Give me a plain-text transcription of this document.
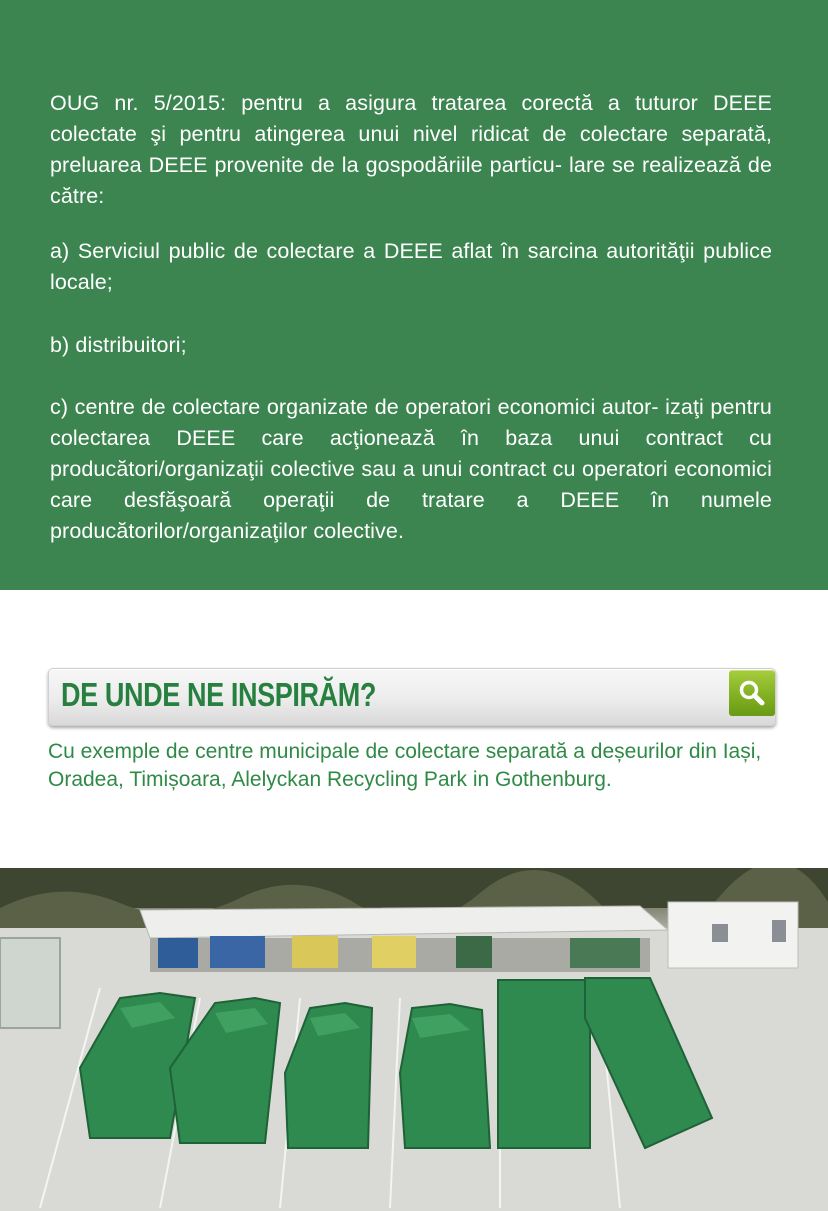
OUG nr. 5/2015: pentru a asigura tratarea corectă a tuturor DEEE colectate şi pentru atingerea unui nivel ridicat de colectare separată, preluarea DEEE provenite de la gospodăriile particu- lare se realizează de către:
a) Serviciul public de colectare a DEEE aflat în sarcina autorităţii publice locale;
b) distribuitori;
c) centre de colectare organizate de operatori economici autor- izaţi pentru colectarea DEEE care acţionează în baza unui contract cu producători/organizaţii colective sau a unui contract cu operatori economici care desfăşoară operaţii de tratare a DEEE în numele producătorilor/organizaţilor colective.
DE UNDE NE INSPIRĂM?
Cu exemple de centre municipale de colectare separată a deșeurilor din Iași, Oradea, Timișoara, Alelyckan Recycling Park in Gothenburg.
